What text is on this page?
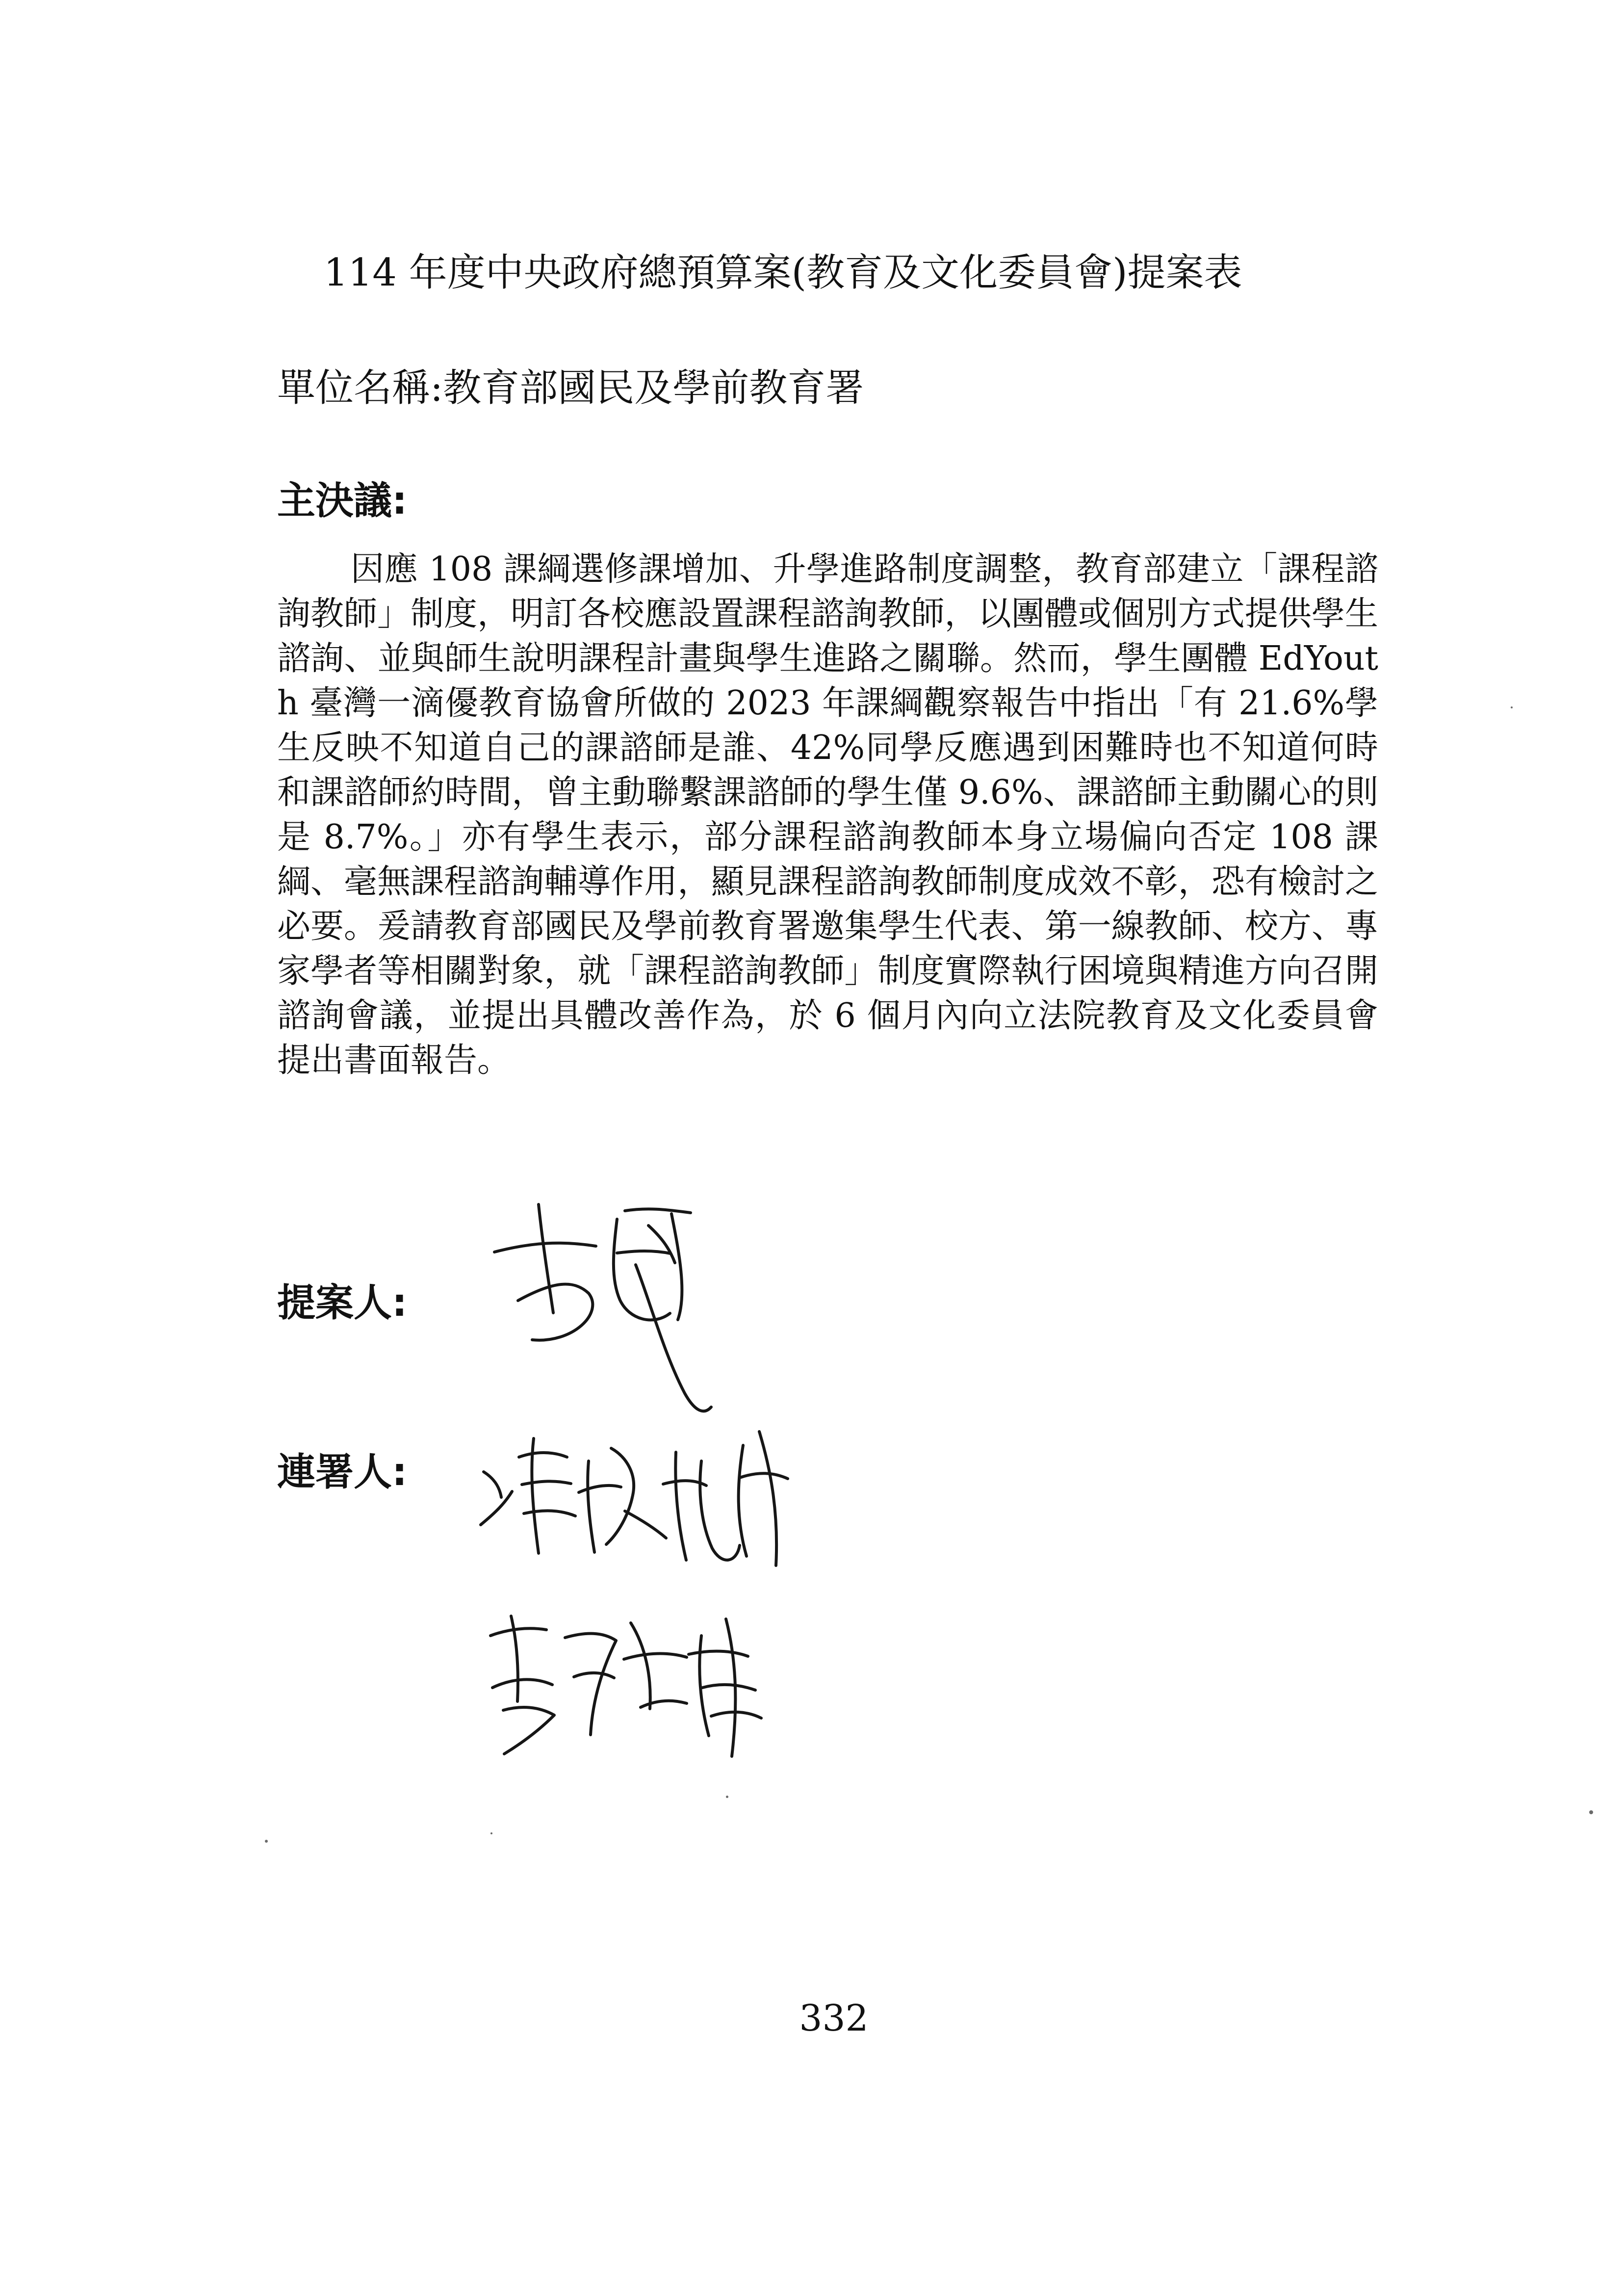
114 年度中央政府總預算案(教育及文化委員會)提案表
單位名稱:教育部國民及學前教育署
主決議:
因應 108 課綱選修課增加、升學進路制度調整，教育部建立「課程諮詢教師」制度，明訂各校應設置課程諮詢教師，以團體或個別方式提供學生諮詢、並與師生說明課程計畫與學生進路之關聯。然而，學生團體 EdYouth 臺灣一滴優教育協會所做的 2023 年課綱觀察報告中指出「有 21.6%學生反映不知道自己的課諮師是誰、42%同學反應遇到困難時也不知道何時和課諮師約時間，曾主動聯繫課諮師的學生僅 9.6%、課諮師主動關心的則是 8.7%。」亦有學生表示，部分課程諮詢教師本身立場偏向否定 108 課綱、毫無課程諮詢輔導作用，顯見課程諮詢教師制度成效不彰，恐有檢討之必要。爰請教育部國民及學前教育署邀集學生代表、第一線教師、校方、專家學者等相關對象，就「課程諮詢教師」制度實際執行困境與精進方向召開諮詢會議，並提出具體改善作為，於 6 個月內向立法院教育及文化委員會提出書面報告。
提案人:
連署人:
332
